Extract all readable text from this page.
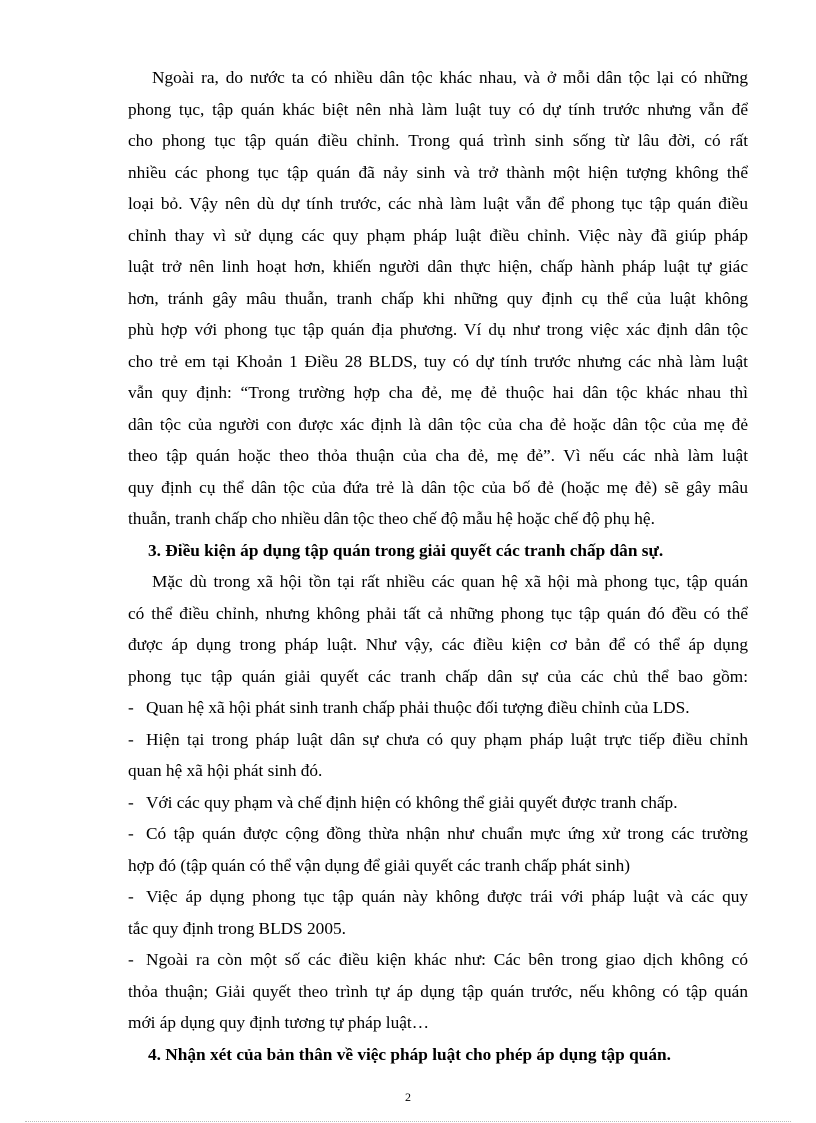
Ngoài ra, do nước ta có nhiều dân tộc khác nhau, và ở mỗi dân tộc lại có những
phong tục, tập quán khác biệt nên nhà làm luật tuy có dự tính trước nhưng vẫn để
cho phong tục tập quán điều chỉnh. Trong quá trình sinh sống từ lâu đời, có rất
nhiều các phong tục tập quán đã nảy sinh và trở thành một hiện tượng không thể
loại bỏ. Vậy nên dù dự tính trước, các nhà làm luật vẫn để phong tục tập quán điều
chỉnh thay vì sử dụng các quy phạm pháp luật điều chỉnh. Việc này đã giúp pháp
luật trở nên linh hoạt hơn, khiến người dân thực hiện, chấp hành pháp luật tự giác
hơn, tránh gây mâu thuẫn, tranh chấp khi những quy định cụ thể của luật không
phù hợp với phong tục tập quán địa phương. Ví dụ như trong việc xác định dân tộc
cho trẻ em tại Khoản 1 Điều 28 BLDS, tuy có dự tính trước nhưng các nhà làm luật
vẫn quy định: “Trong trường hợp cha đẻ, mẹ đẻ thuộc hai dân tộc khác nhau thì
dân tộc của người con được xác định là dân tộc của cha đẻ hoặc dân tộc của mẹ đẻ
theo tập quán hoặc theo thỏa thuận của cha đẻ, mẹ đẻ”. Vì nếu các nhà làm luật
quy định cụ thể dân tộc của đứa trẻ là dân tộc của bố đẻ (hoặc mẹ đẻ) sẽ gây mâu
thuẫn, tranh chấp cho nhiều dân tộc theo chế độ mẫu hệ hoặc chế độ phụ hệ.
3. Điều kiện áp dụng tập quán trong giải quyết các tranh chấp dân sự.
Mặc dù trong xã hội tồn tại rất nhiều các quan hệ xã hội mà phong tục, tập quán
có thể điều chỉnh, nhưng không phải tất cả những phong tục tập quán đó đều có thể
được áp dụng trong pháp luật. Như vậy, các điều kiện cơ bản để có thể áp dụng
phong tục tập quán giải quyết các tranh chấp dân sự của các chủ thể bao gồm:
- Quan hệ xã hội phát sinh tranh chấp phải thuộc đối tượng điều chỉnh của LDS.
- Hiện tại trong pháp luật dân sự chưa có quy phạm pháp luật trực tiếp điều chỉnh
quan hệ xã hội phát sinh đó.
- Với các quy phạm và chế định hiện có không thể giải quyết được tranh chấp.
- Có tập quán được cộng đồng thừa nhận như chuẩn mực ứng xử trong các trường
hợp đó (tập quán có thể vận dụng để giải quyết các tranh chấp phát sinh)
- Việc áp dụng phong tục tập quán này không được trái với pháp luật và các quy
tắc quy định trong BLDS 2005.
- Ngoài ra còn một số các điều kiện khác như: Các bên trong giao dịch không có
thỏa thuận; Giải quyết theo trình tự áp dụng tập quán trước, nếu không có tập quán
mới áp dụng quy định tương tự pháp luật…
4. Nhận xét của bản thân về việc pháp luật cho phép áp dụng tập quán.
2
